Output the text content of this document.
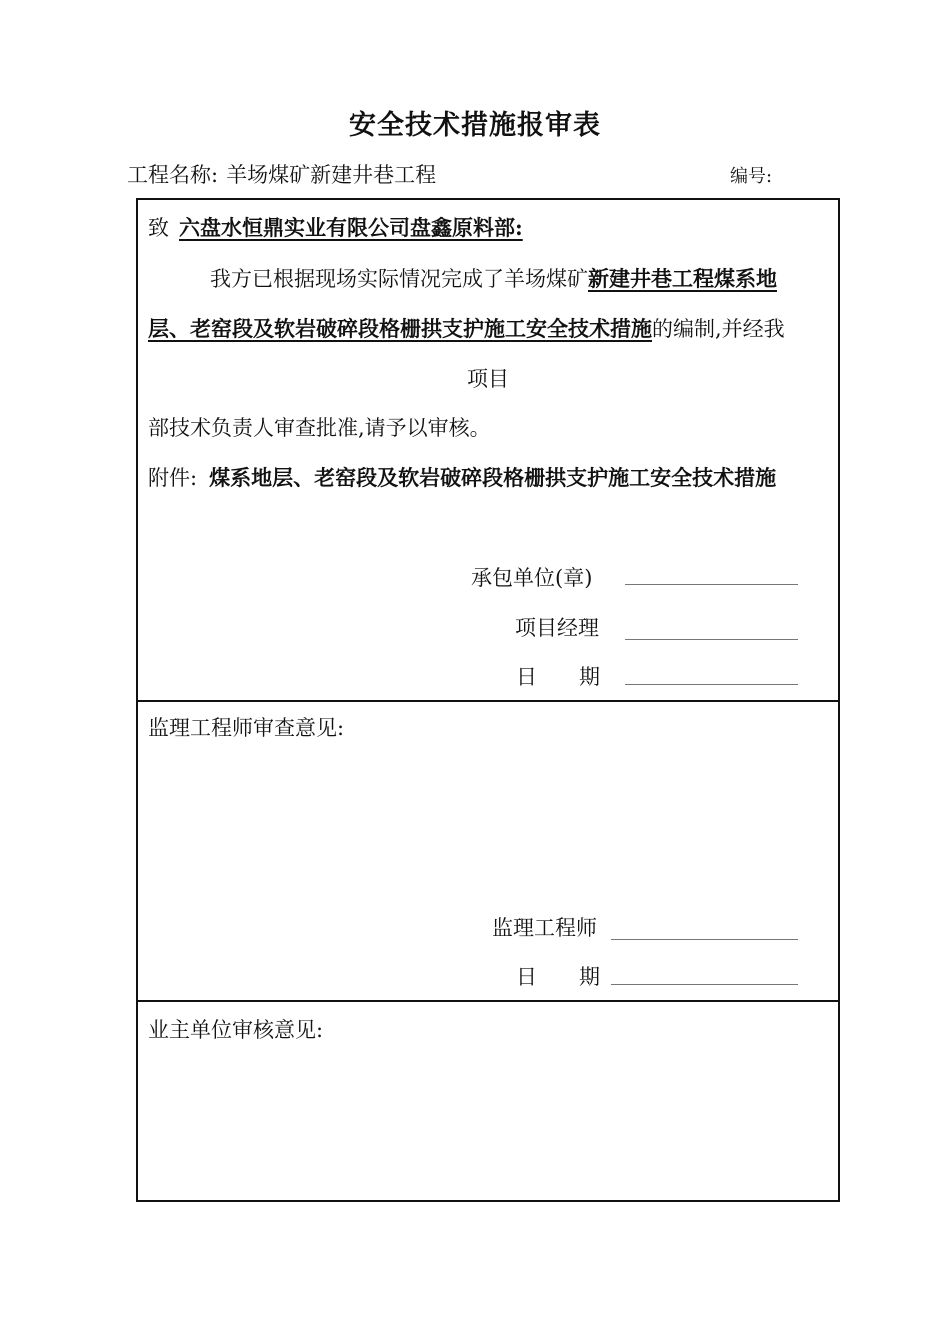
安全技术措施报审表
工程名称: 羊场煤矿新建井巷工程	编号:
致 六盘水恒鼎实业有限公司盘鑫原料部:
我方已根据现场实际情况完成了羊场煤矿新建井巷工程煤系地
层、老窑段及软岩破碎段格栅拱支护施工安全技术措施的编制,并经我
项目
部技术负责人审查批准,请予以审核。
附件: 煤系地层、老窑段及软岩破碎段格栅拱支护施工安全技术措施
承包单位(章)
项目经理
日　　期
监理工程师审查意见:
监理工程师
日　　期
业主单位审核意见:
